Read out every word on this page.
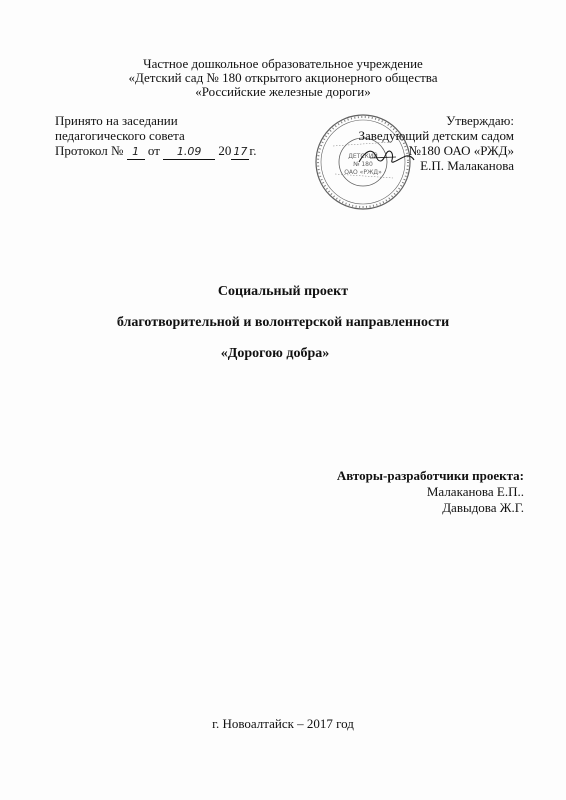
Частное дошкольное образовательное учреждение
«Детский сад № 180 открытого акционерного общества
«Российские железные дороги»
Принято на заседании
педагогического совета
Протокол № 1 от 1.09 20 17 г.	ДЕТСКИЙ
№ 180
ОАО «РЖД»
Утверждаю:
Заведующий детским садом
№180 ОАО «РЖД»
Е.П. Малаканова
Социальный проект
благотворительной и волонтерской направленности
«Дорогою добра»
Авторы-разработчики проекта:
Малаканова Е.П..
Давыдова Ж.Г.
г. Новоалтайск – 2017 год
